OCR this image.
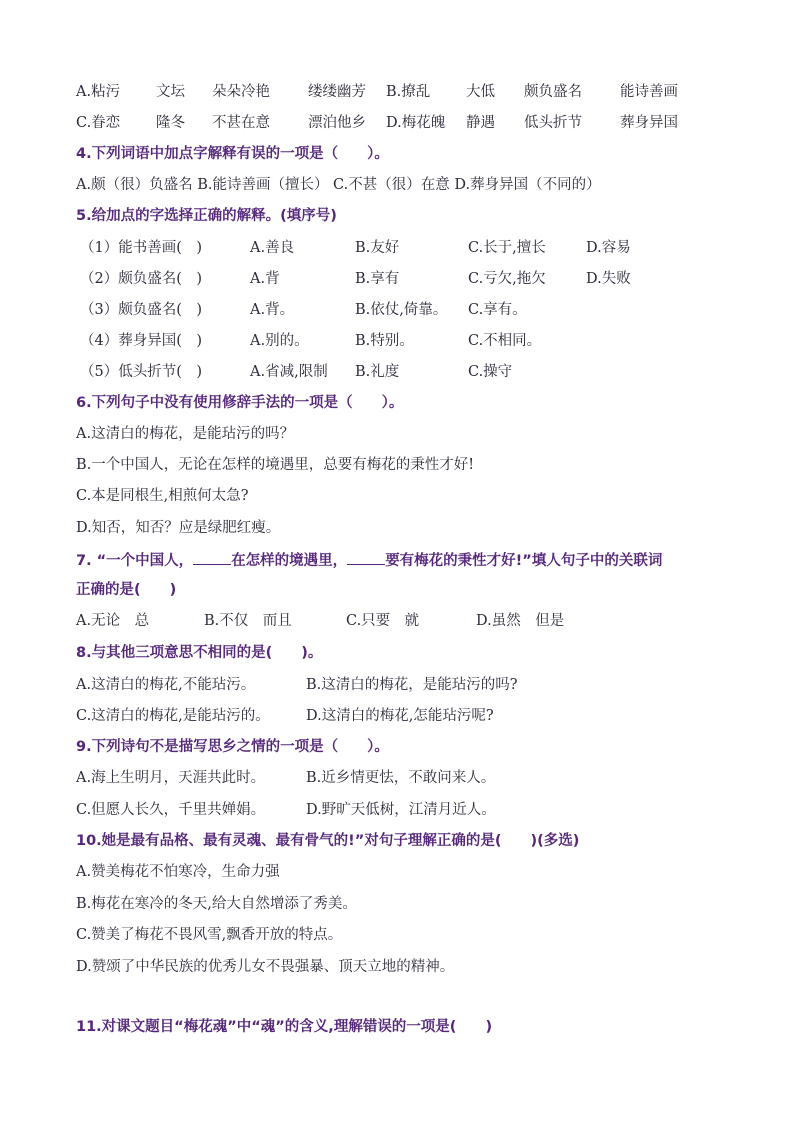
A.粘污 文坛 朵朵冷艳	缕缕幽芳 B.撩乱 大低 颇负盛名	能诗善画
C.眷恋 隆冬 不甚在意	漂泊他乡 D.梅花魄 静遇 低头折节	葬身异国
4.下列词语中加点字解释有误的一项是（　　）。
A.颇（很）负盛名 B.能诗善画（擅长） C.不甚（很）在意 D.葬身异国（不同的）
5.给加点的字选择正确的解释。(填序号)
（1）能书善画(　)	A.善良	B.友好	C.长于,擅长	D.容易
（2）颇负盛名(　)	A.背	B.享有	C.亏欠,拖欠	D.失败
（3）颇负盛名(　)	A.背。	B.依仗,倚靠。 C.享有。
（4）葬身异国(　)	A.别的。	B.特别。	C.不相同。
（5）低头折节(　)	A.省减,限制 B.礼度	C.操守
6.下列句子中没有使用修辞手法的一项是（　　）。
A.这清白的梅花，是能玷污的吗？
B.一个中国人，无论在怎样的境遇里，总要有梅花的秉性才好!
C.本是同根生,相煎何太急?
D.知否，知否？应是绿肥红瘦。
7. “一个中国人，	在怎样的境遇里，	要有梅花的秉性才好!”填人句子中的关联词
正确的是(　　)
A.无论　总	B.不仅　而且	C.只要　就	D.虽然　但是
8.与其他三项意思不相同的是(　　)。
A.这清白的梅花,不能玷污。	B.这清白的梅花，是能玷污的吗?
C.这清白的梅花,是能玷污的。 D.这清白的梅花,怎能玷污呢?
9.下列诗句不是描写思乡之情的一项是（　　）。
A.海上生明月，天涯共此时。	B.近乡情更怯，不敢问来人。
C.但愿人长久，千里共婵娟。	D.野旷天低树，江清月近人。
10.她是最有品格、最有灵魂、最有骨气的!”对句子理解正确的是(　　)(多选)
A.赞美梅花不怕寒冷，生命力强
B.梅花在寒冷的冬天,给大自然增添了秀美。
C.赞美了梅花不畏风雪,飘香开放的特点。
D.赞颂了中华民族的优秀儿女不畏强暴、顶天立地的精神。
11.对课文题目“梅花魂”中“魂”的含义,理解错误的一项是(　　)
